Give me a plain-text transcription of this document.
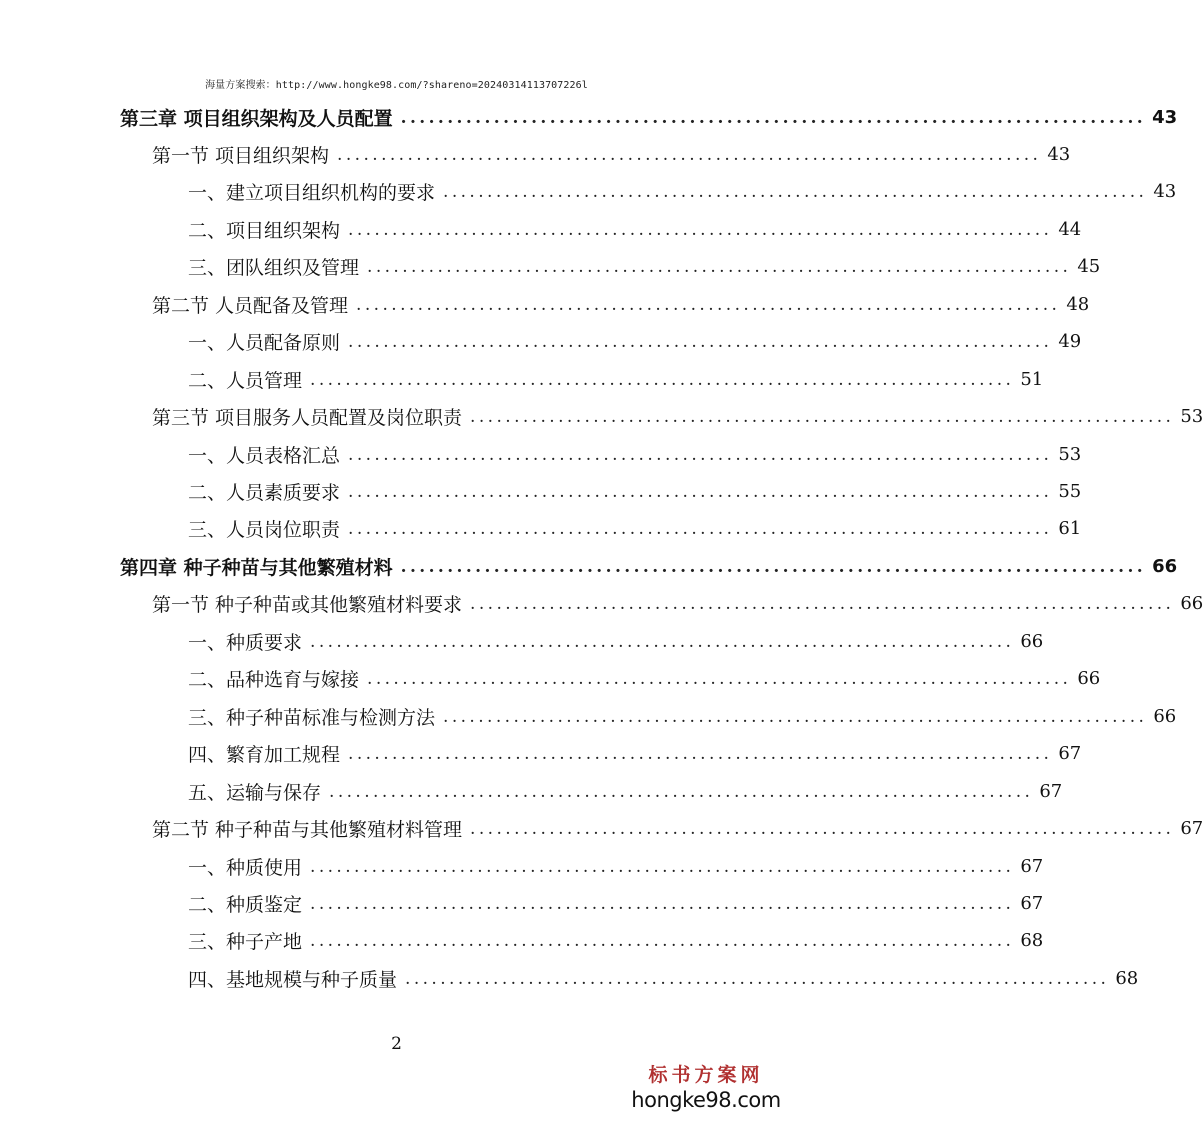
海量方案搜索：http://www.hongke98.com/?shareno=20240314113707226l
第三章 项目组织架构及人员配置 ................................................................................ 43
第一节 项目组织架构 ................................................................................ 43
一、建立项目组织机构的要求 ................................................................................ 43
二、项目组织架构 ................................................................................ 44
三、团队组织及管理 ................................................................................ 45
第二节 人员配备及管理 ................................................................................ 48
一、人员配备原则 ................................................................................ 49
二、人员管理 ................................................................................ 51
第三节 项目服务人员配置及岗位职责 ................................................................................ 53
一、人员表格汇总 ................................................................................ 53
二、人员素质要求 ................................................................................ 55
三、人员岗位职责 ................................................................................ 61
第四章 种子种苗与其他繁殖材料 ................................................................................ 66
第一节 种子种苗或其他繁殖材料要求 ................................................................................ 66
一、种质要求 ................................................................................ 66
二、品种选育与嫁接 ................................................................................ 66
三、种子种苗标准与检测方法 ................................................................................ 66
四、繁育加工规程 ................................................................................ 67
五、运输与保存 ................................................................................ 67
第二节 种子种苗与其他繁殖材料管理 ................................................................................ 67
一、种质使用 ................................................................................ 67
二、种质鉴定 ................................................................................ 67
三、种子产地 ................................................................................ 68
四、基地规模与种子质量 ................................................................................ 68
2
标书方案网
hongke98.com
